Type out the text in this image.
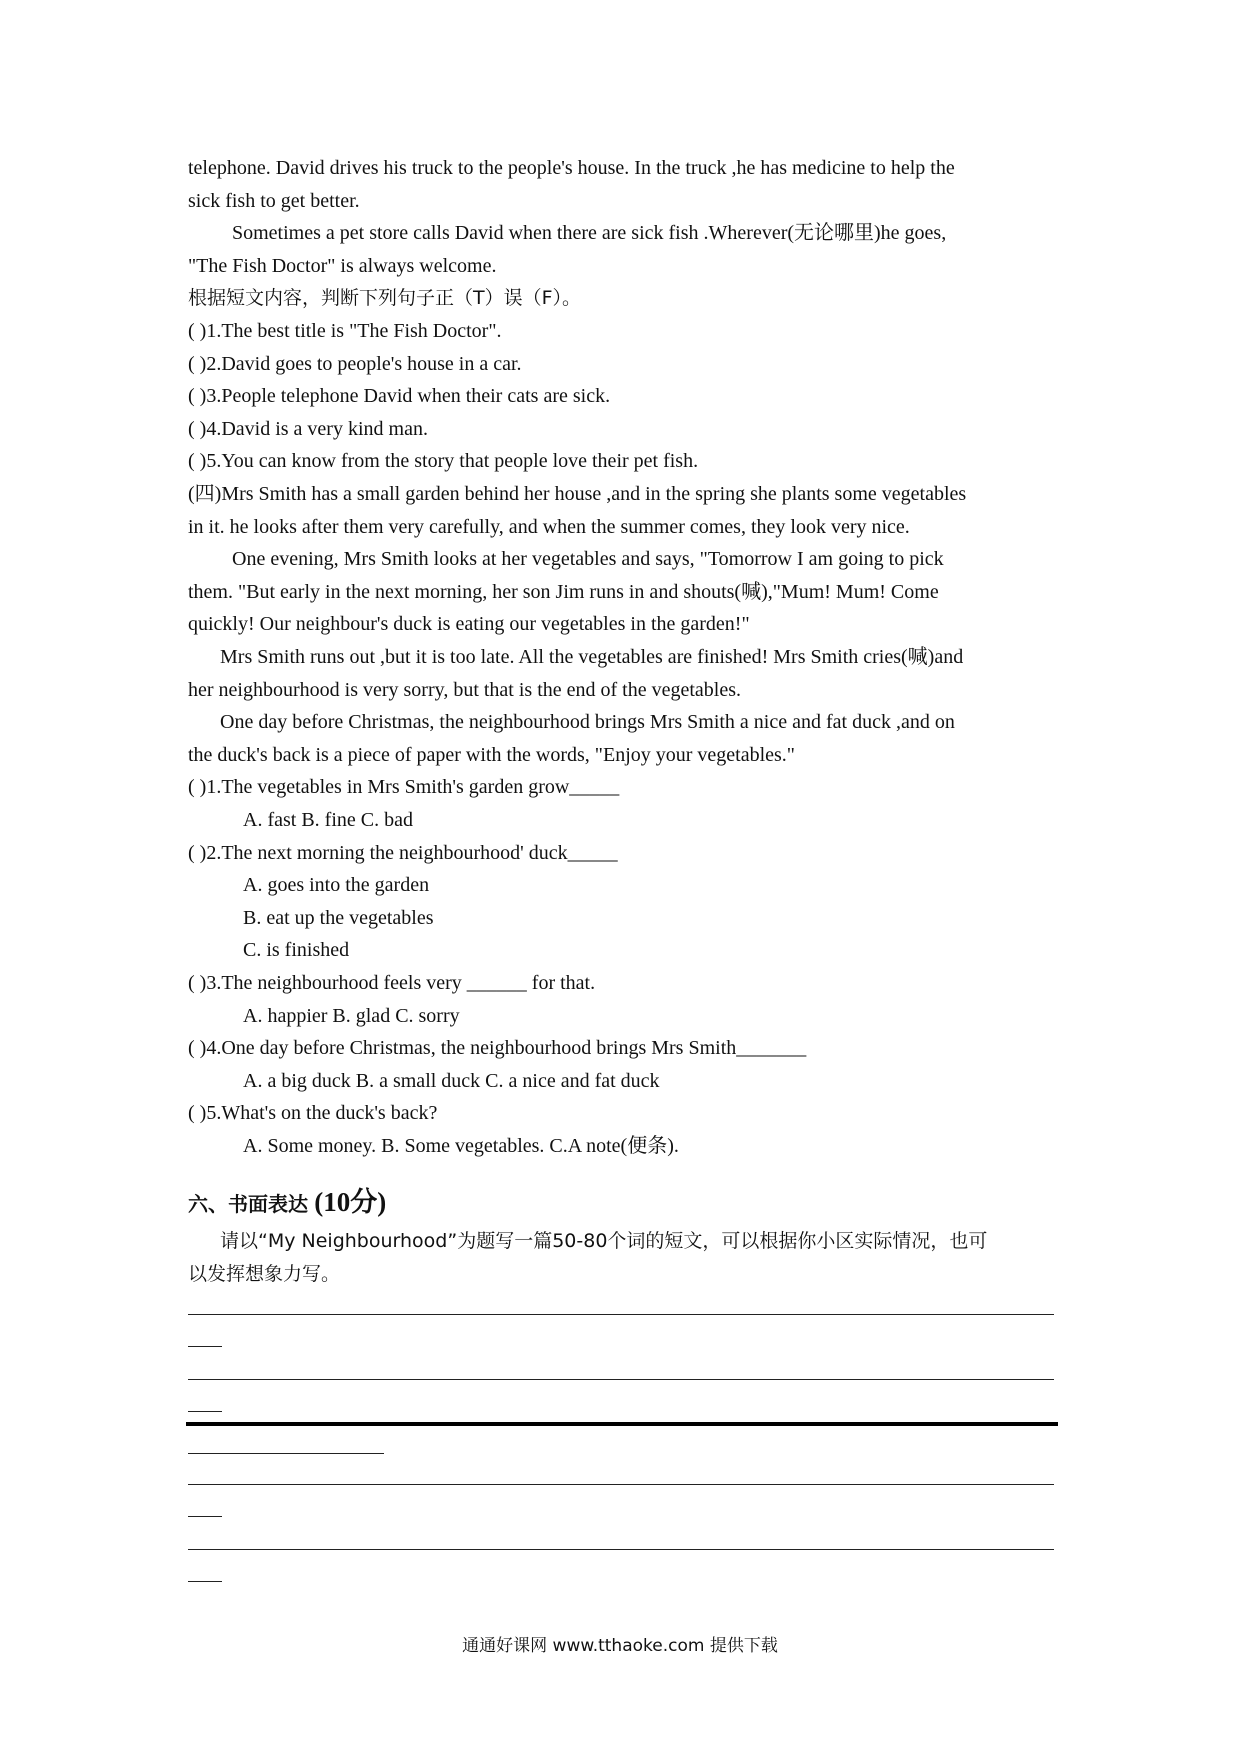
telephone. David drives his truck to the people's house. In the truck ,he has medicine to help the
sick fish to get better.
Sometimes a pet store calls David when there are sick fish .Wherever(无论哪里)he goes,
"The Fish Doctor" is always welcome.
根据短文内容，判断下列句子正（T）误（F）。
( )1.The best title is "The Fish Doctor".
( )2.David goes to people's house in a car.
( )3.People telephone David when their cats are sick.
( )4.David is a very kind man.
( )5.You can know from the story that people love their pet fish.
(四)Mrs Smith has a small garden behind her house ,and in the spring she plants some vegetables
in it. he looks after them very carefully, and when the summer comes, they look very nice.
One evening, Mrs Smith looks at her vegetables and says, "Tomorrow I am going to pick
them. "But early in the next morning, her son Jim runs in and shouts(喊),"Mum! Mum! Come
quickly! Our neighbour's duck is eating our vegetables in the garden!"
Mrs Smith runs out ,but it is too late. All the vegetables are finished! Mrs Smith cries(喊)and
her neighbourhood is very sorry, but that is the end of the vegetables.
One day before Christmas, the neighbourhood brings Mrs Smith a nice and fat duck ,and on
the duck's back is a piece of paper with the words, "Enjoy your vegetables."
( )1.The vegetables in Mrs Smith's garden grow_____
A. fast B. fine C. bad
( )2.The next morning the neighbourhood' duck_____
A. goes into the garden
B. eat up the vegetables
C. is finished
( )3.The neighbourhood feels very ______ for that.
A. happier B. glad C. sorry
( )4.One day before Christmas, the neighbourhood brings Mrs Smith_______
A. a big duck B. a small duck C. a nice and fat duck
( )5.What's on the duck's back?
A. Some money. B. Some vegetables. C.A note(便条).
六、书面表达 (10分)
请以“My Neighbourhood”为题写一篇50-80个词的短文，可以根据你小区实际情况，也可
以发挥想象力写。
通通好课网 www.tthaoke.com 提供下载
